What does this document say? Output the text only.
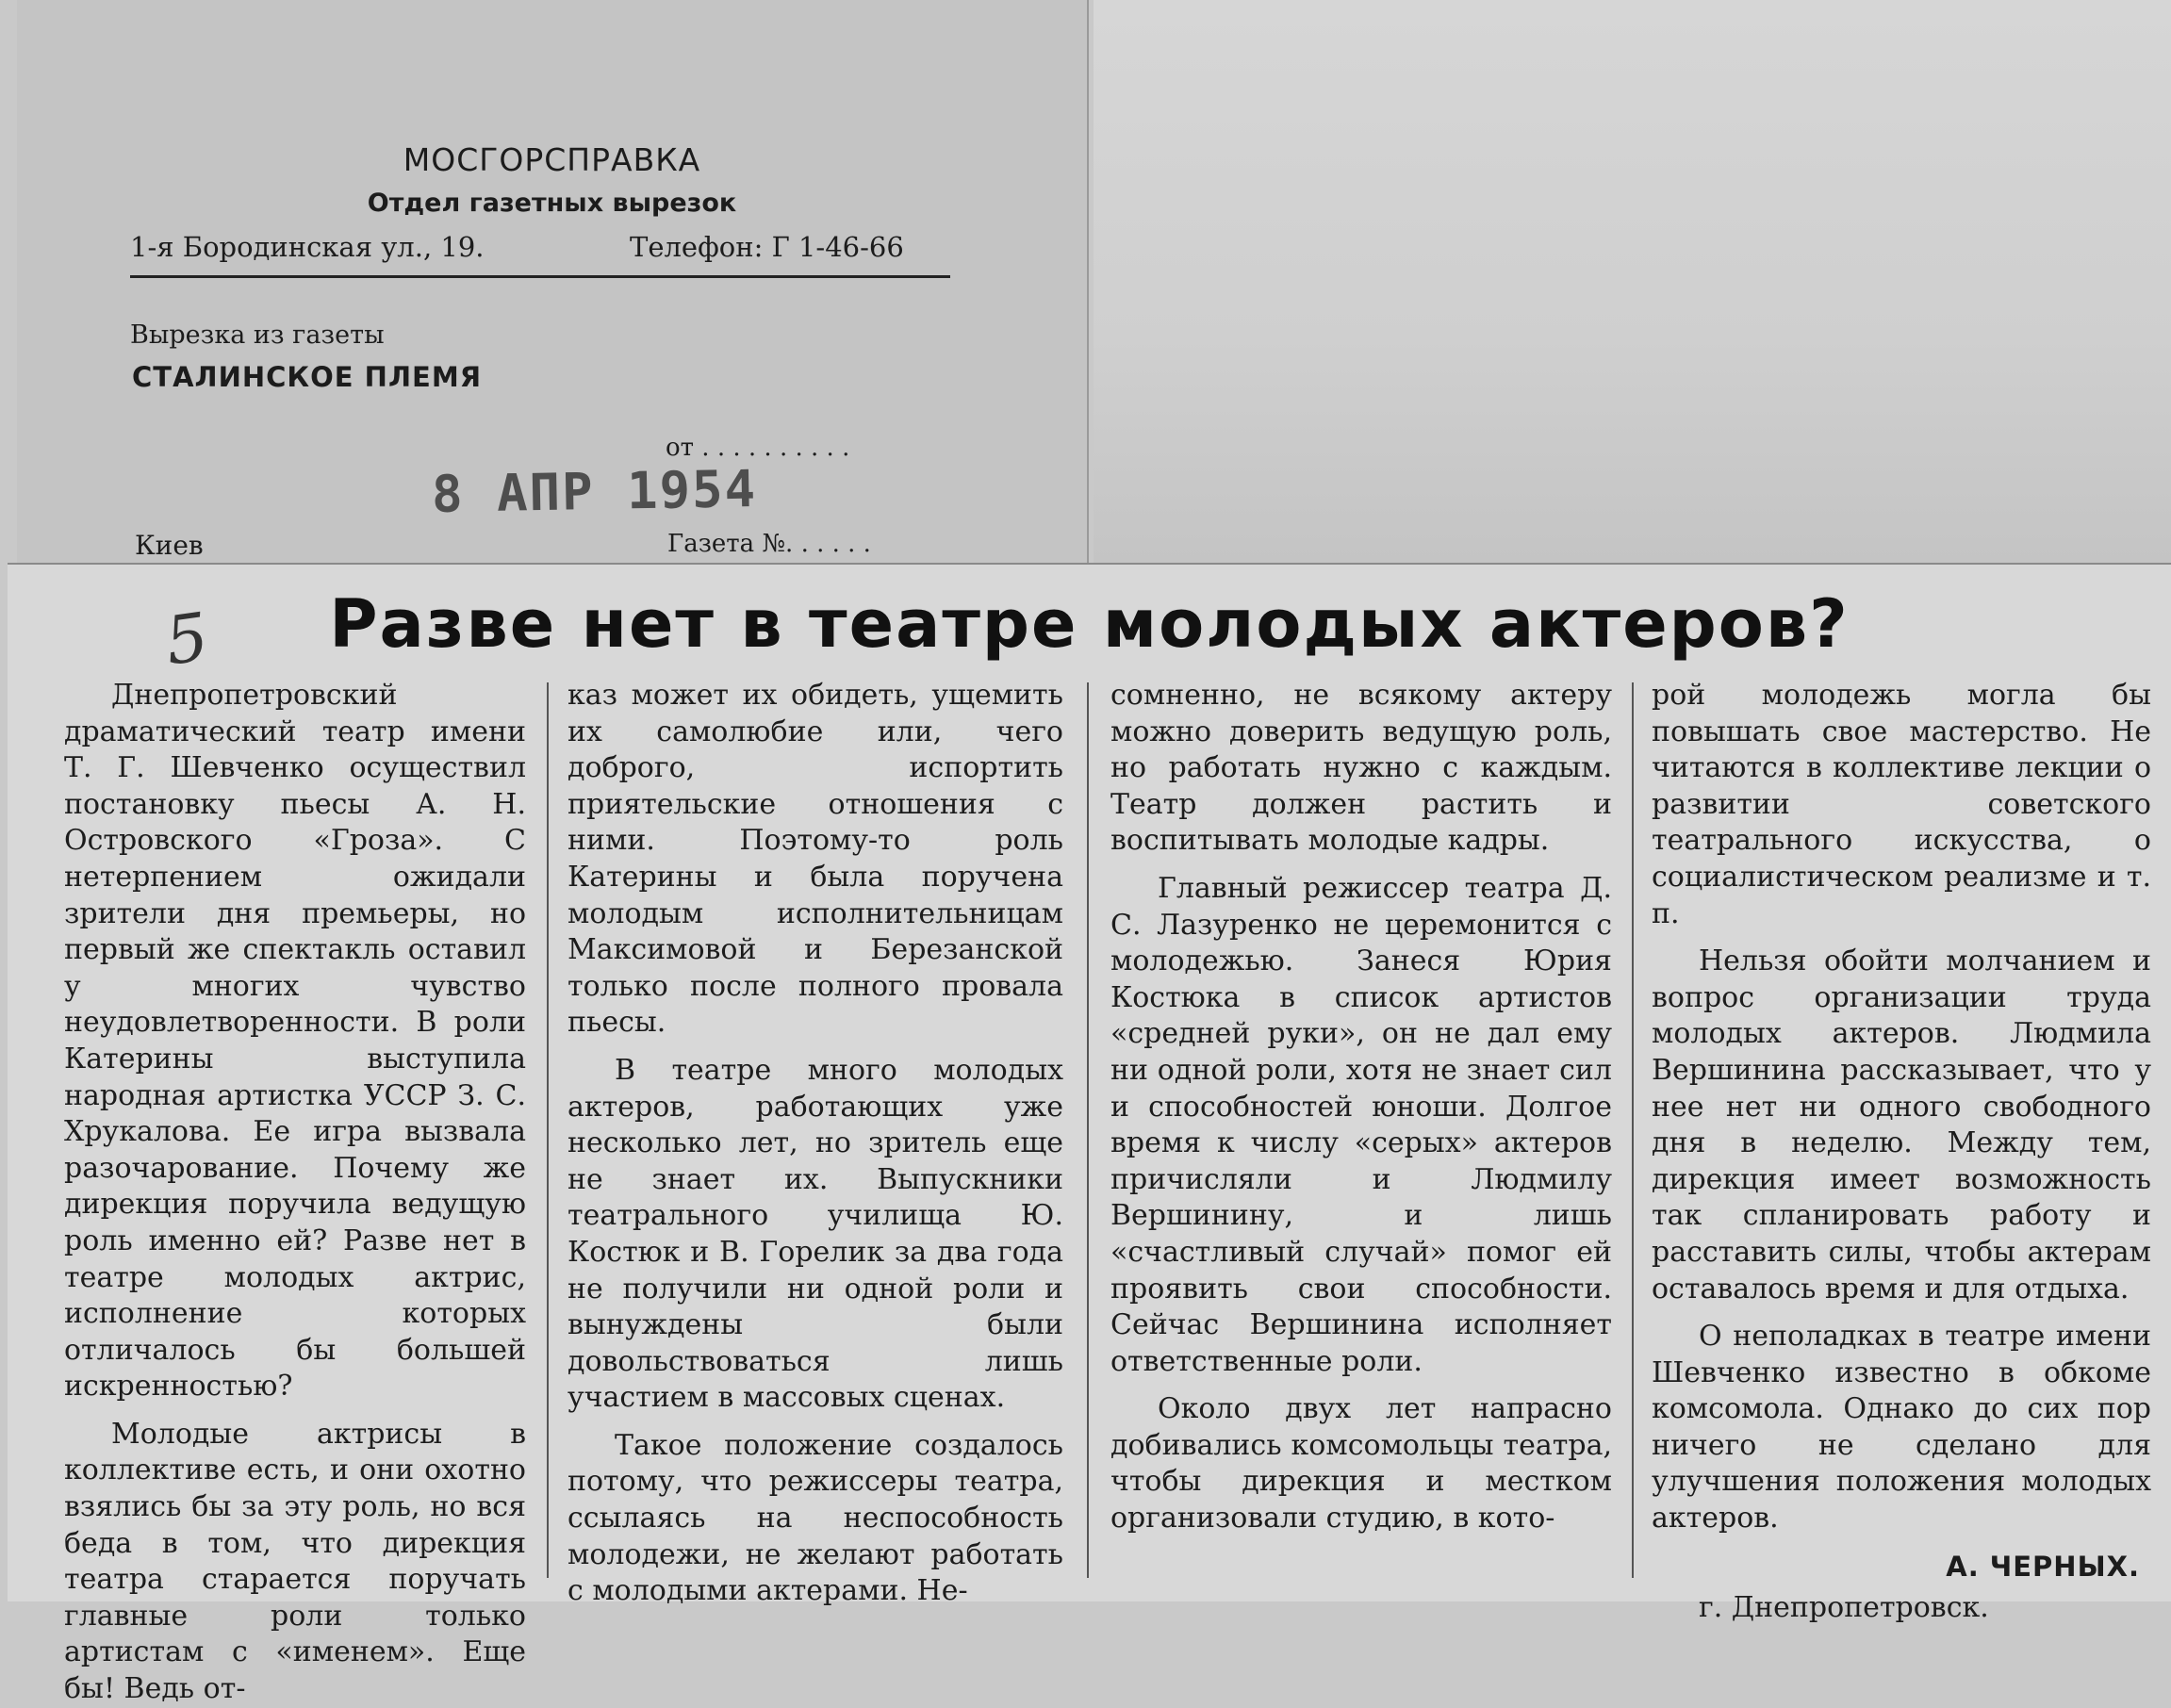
МОСГОРСПРАВКА
Отдел газетных вырезок
1-я Бородинская ул., 19.	Телефон: Г 1-46-66
Вырезка из газеты
СТАЛИНСКОЕ ПЛЕМЯ
от . . . . . . . . . .
8 АПР 1954
Киев	Газета №. . . . . .
5	Разве нет в театре молодых актеров?

Днепропетровский драматический театр имени Т. Г. Шевченко осуществил постановку пьесы А. Н. Островского «Гроза». С нетерпением ожидали зрители дня премьеры, но первый же спектакль оставил у многих чувство неудовлетворенности. В роли Катерины выступила народная артистка УССР З. С. Хрукалова. Ее игра вызвала разочарование. Почему же дирекция поручила ведущую роль именно ей? Разве нет в театре молодых актрис, исполнение которых отличалось бы большей искренностью?

Молодые актрисы в коллективе есть, и они охотно взялись бы за эту роль, но вся беда в том, что дирекция театра старается поручать главные роли только артистам с «именем». Еще бы! Ведь от-

каз может их обидеть, ущемить их самолюбие или, чего доброго, испортить приятельские отношения с ними. Поэтому-то роль Катерины и была поручена молодым исполнительницам Максимовой и Березанской только после полного провала пьесы.

В театре много молодых актеров, работающих уже несколько лет, но зритель еще не знает их. Выпускники театрального училища Ю. Костюк и В. Горелик за два года не получили ни одной роли и вынуждены были довольствоваться лишь участием в массовых сценах.

Такое положение создалось потому, что режиссеры театра, ссылаясь на неспособность молодежи, не желают работать с молодыми актерами. Не-

сомненно, не всякому актеру можно доверить ведущую роль, но работать нужно с каждым. Театр должен растить и воспитывать молодые кадры.

Главный режиссер театра Д. С. Лазуренко не церемонится с молодежью. Занеся Юрия Костюка в список артистов «средней руки», он не дал ему ни одной роли, хотя не знает сил и способностей юноши. Долгое время к числу «серых» актеров причисляли и Людмилу Вершинину, и лишь «счастливый случай» помог ей проявить свои способности. Сейчас Вершинина исполняет ответственные роли.

Около двух лет напрасно добивались комсомольцы театра, чтобы дирекция и местком организовали студию, в кото-

рой молодежь могла бы повышать свое мастерство. Не читаются в коллективе лекции о развитии советского театрального искусства, о социалистическом реализме и т. п.

Нельзя обойти молчанием и вопрос организации труда молодых актеров. Людмила Вершинина рассказывает, что у нее нет ни одного свободного дня в неделю. Между тем, дирекция имеет возможность так спланировать работу и расставить силы, чтобы актерам оставалось время и для отдыха.

О неполадках в театре имени Шевченко известно в обкоме комсомола. Однако до сих пор ничего не сделано для улучшения положения молодых актеров.

А. ЧЕРНЫХ.

г. Днепропетровск.
